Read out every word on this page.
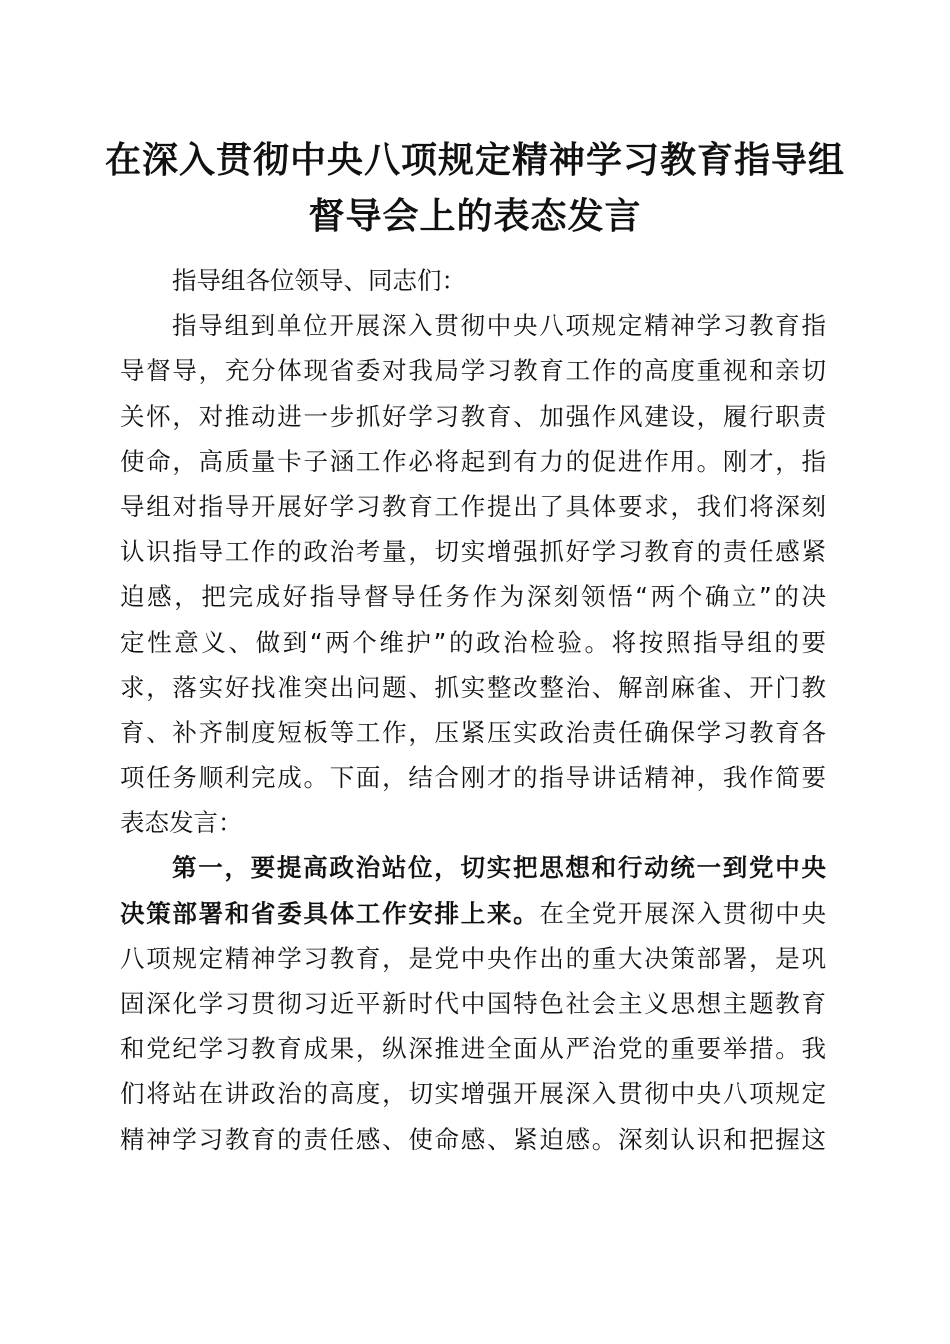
在深入贯彻中央八项规定精神学习教育指导组
督导会上的表态发言
指导组各位领导、同志们：
指导组到单位开展深入贯彻中央八项规定精神学习教育指
导督导，充分体现省委对我局学习教育工作的高度重视和亲切
关怀，对推动进一步抓好学习教育、加强作风建设，履行职责
使命，高质量卡子涵工作必将起到有力的促进作用。刚才，指
导组对指导开展好学习教育工作提出了具体要求，我们将深刻
认识指导工作的政治考量，切实增强抓好学习教育的责任感紧
迫感，把完成好指导督导任务作为深刻领悟“两个确立”的决
定性意义、做到“两个维护”的政治检验。将按照指导组的要
求，落实好找准突出问题、抓实整改整治、解剖麻雀、开门教
育、补齐制度短板等工作，压紧压实政治责任确保学习教育各
项任务顺利完成。下面，结合刚才的指导讲话精神，我作简要
表态发言：
第一，要提高政治站位，切实把思想和行动统一到党中央
决策部署和省委具体工作安排上来。在全党开展深入贯彻中央
八项规定精神学习教育，是党中央作出的重大决策部署，是巩
固深化学习贯彻习近平新时代中国特色社会主义思想主题教育
和党纪学习教育成果，纵深推进全面从严治党的重要举措。我
们将站在讲政治的高度，切实增强开展深入贯彻中央八项规定
精神学习教育的责任感、使命感、紧迫感。深刻认识和把握这
